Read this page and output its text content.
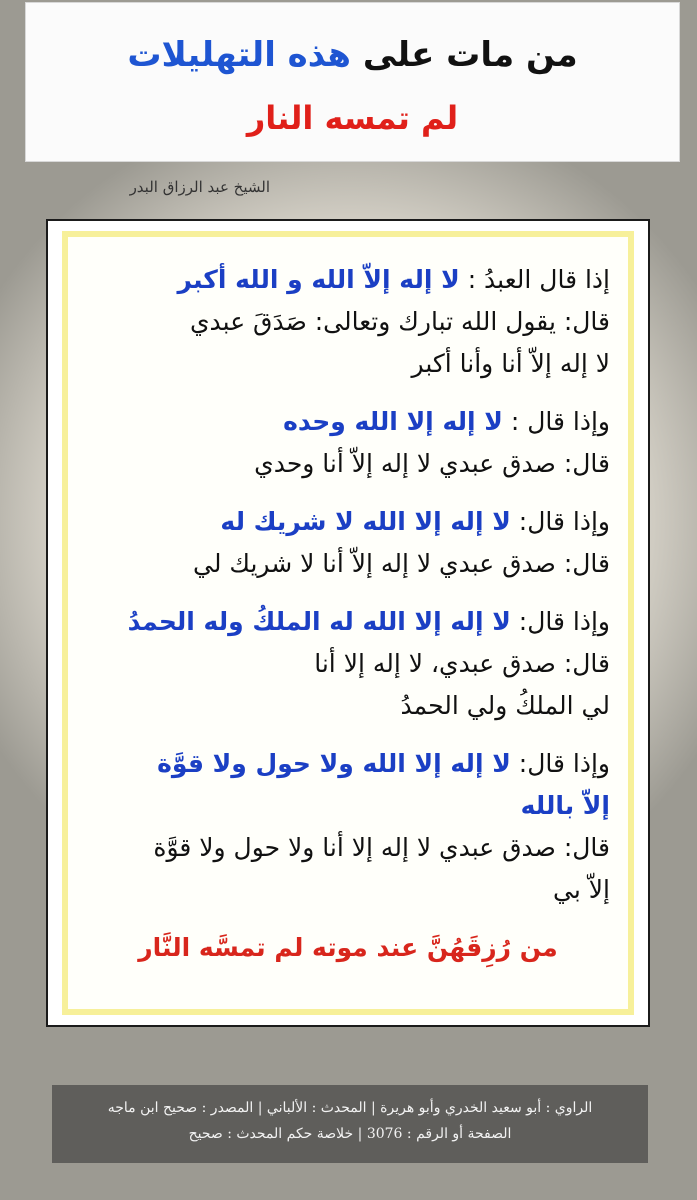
من مات على هذه التهليلات
لم تمسه النار
الشيخ عبد الرزاق البدر
إذا قال العبدُ : لا إله إلاّ الله و الله أكبر
قال: يقول الله تبارك وتعالى: صَدَقَ عبدي
لا إله إلاّ أنا وأنا أكبر
وإذا قال : لا إله إلا الله وحده
قال: صدق عبدي لا إله إلاّ أنا وحدي
وإذا قال: لا إله إلا الله لا شريك له
قال: صدق عبدي لا إله إلاّ أنا لا شريك لي
وإذا قال: لا إله إلا الله له الملكُ وله الحمدُ
قال: صدق عبدي، لا إله إلا أنا
لي الملكُ ولي الحمدُ
وإذا قال: لا إله إلا الله ولا حول ولا قوَّة
إلاّ بالله
قال: صدق عبدي لا إله إلا أنا ولا حول ولا قوَّة
إلاّ بي
من رُزِقَهُنَّ عند موته لم تمسَّه النَّار
الراوي : أبو سعيد الخدري وأبو هريرة | المحدث : الألباني | المصدر : صحيح ابن ماجه
الصفحة أو الرقم : 3076 | خلاصة حكم المحدث : صحيح
